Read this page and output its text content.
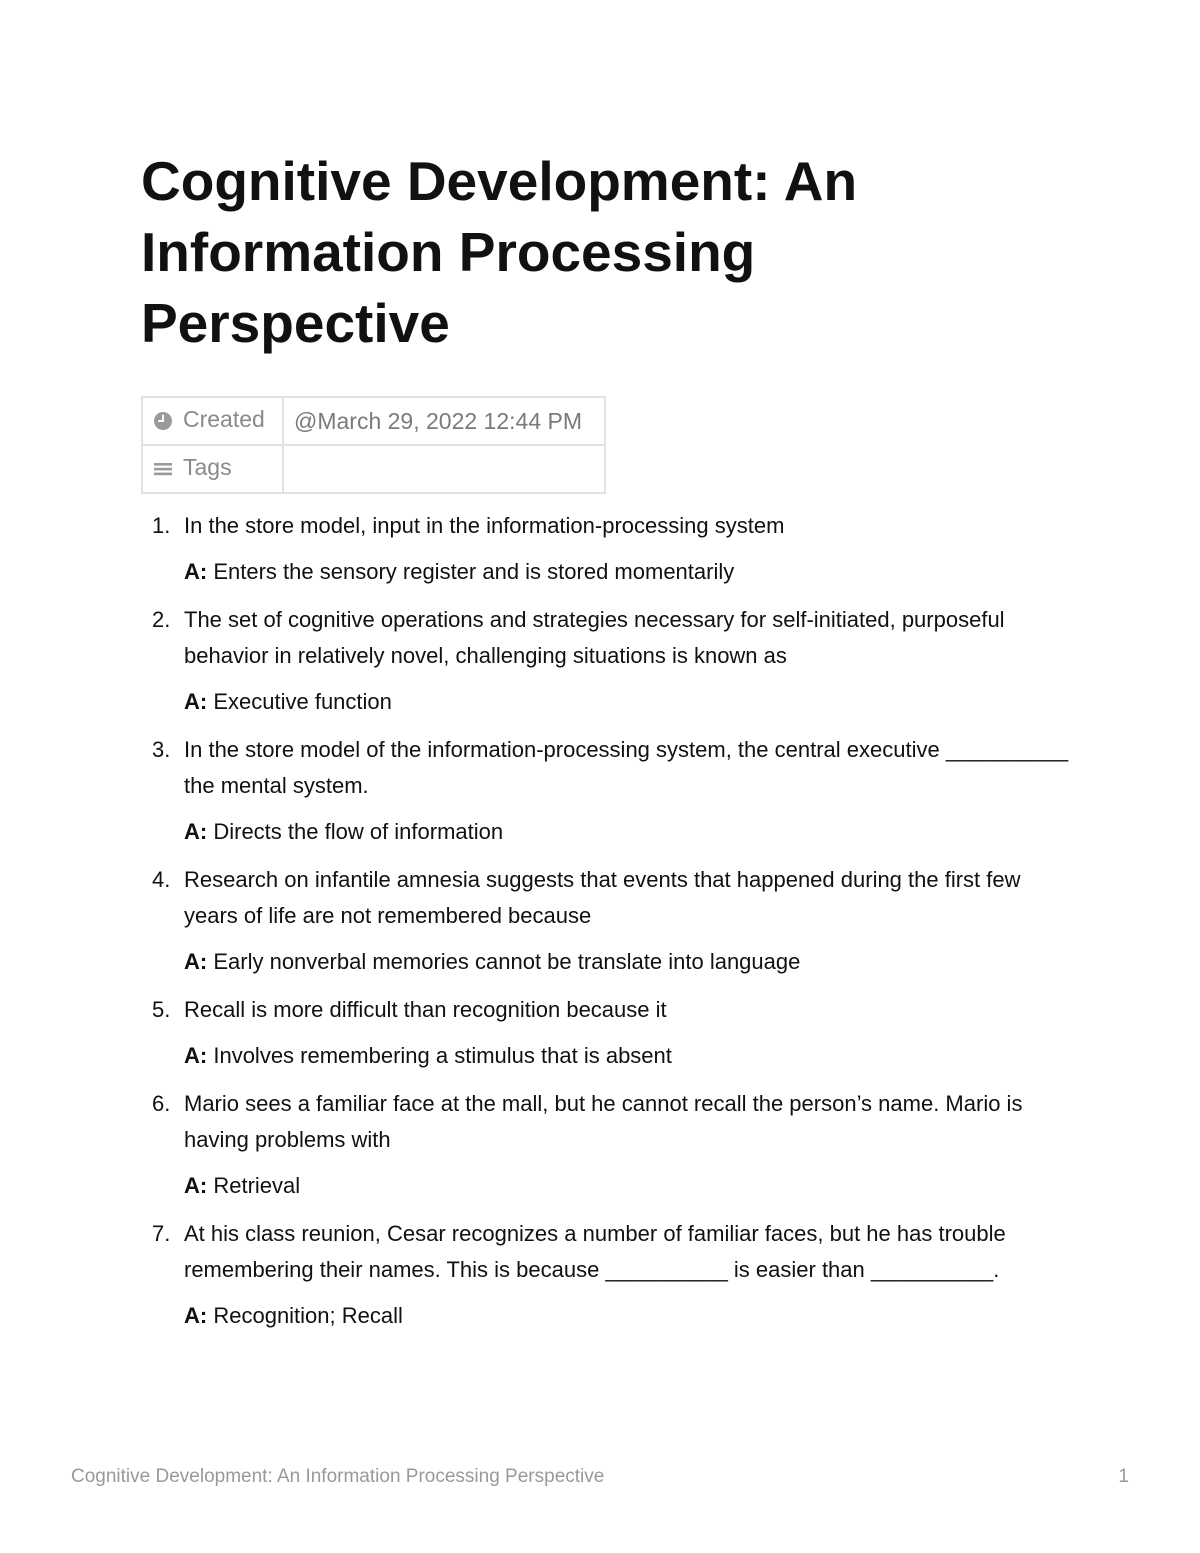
Cognitive Development: An Information Processing Perspective
Created	@March 29, 2022 12:44 PM
Tags	
1. In the store model, input in the information-processing system

A: Enters the sensory register and is stored momentarily

2. The set of cognitive operations and strategies necessary for self-initiated, purposeful behavior in relatively novel, challenging situations is known as

A: Executive function

3. In the store model of the information-processing system, the central executive __________ the mental system.

A: Directs the flow of information

4. Research on infantile amnesia suggests that events that happened during the first few years of life are not remembered because

A: Early nonverbal memories cannot be translate into language

5. Recall is more difficult than recognition because it

A: Involves remembering a stimulus that is absent

6. Mario sees a familiar face at the mall, but he cannot recall the person’s name. Mario is having problems with

A: Retrieval

7. At his class reunion, Cesar recognizes a number of familiar faces, but he has trouble remembering their names. This is because __________ is easier than __________.

A: Recognition; Recall

Cognitive Development: An Information Processing Perspective	1
